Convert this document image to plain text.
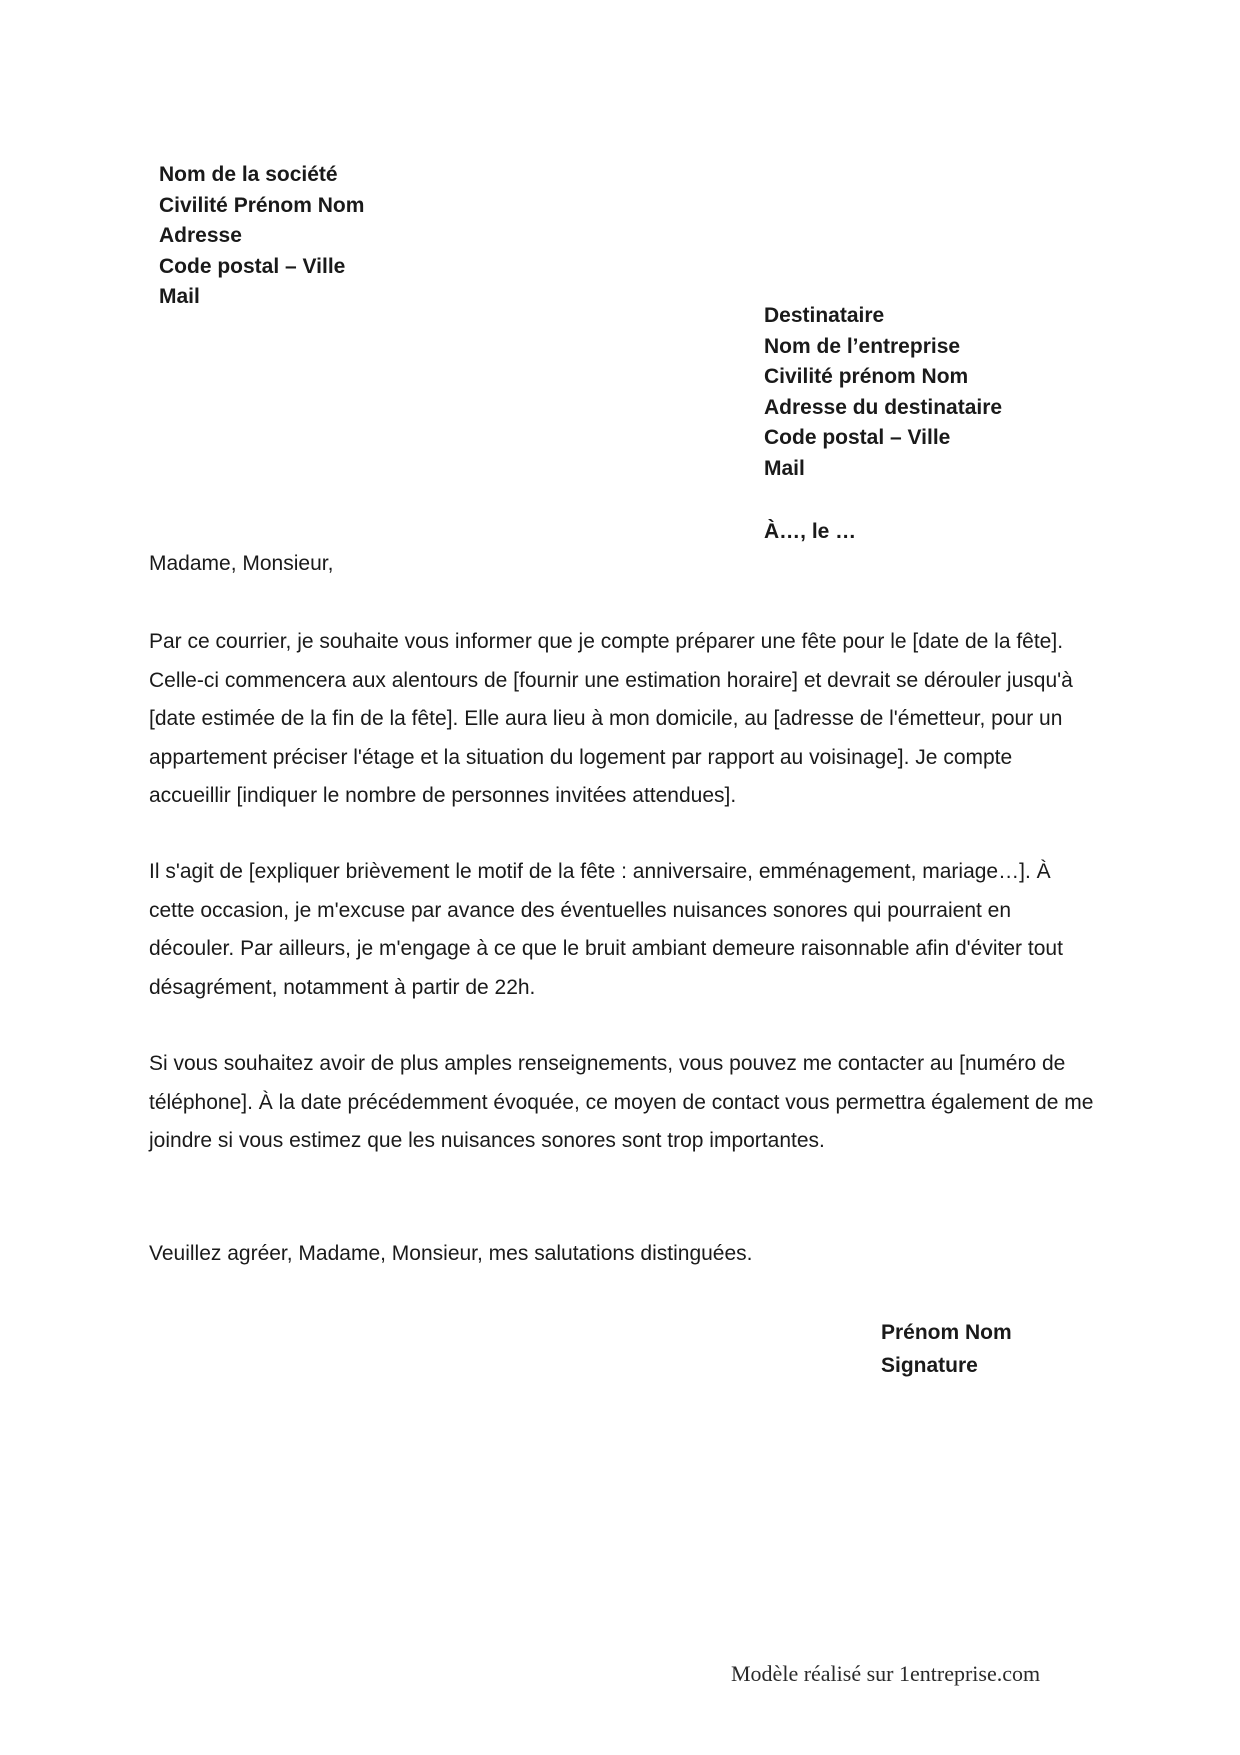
Nom de la société
Civilité Prénom Nom
Adresse
Code postal – Ville
Mail
Destinataire
Nom de l’entreprise
Civilité prénom Nom
Adresse du destinataire
Code postal – Ville
Mail
À…, le …
Madame, Monsieur,

Par ce courrier, je souhaite vous informer que je compte préparer une fête pour le [date de la fête]. Celle-ci commencera aux alentours de [fournir une estimation horaire] et devrait se dérouler jusqu'à [date estimée de la fin de la fête]. Elle aura lieu à mon domicile, au [adresse de l'émetteur, pour un appartement préciser l'étage et la situation du logement par rapport au voisinage]. Je compte accueillir [indiquer le nombre de personnes invitées attendues].

Il s'agit de [expliquer brièvement le motif de la fête : anniversaire, emménagement, mariage…]. À cette occasion, je m'excuse par avance des éventuelles nuisances sonores qui pourraient en découler. Par ailleurs, je m'engage à ce que le bruit ambiant demeure raisonnable afin d'éviter tout désagrément, notamment à partir de 22h.

Si vous souhaitez avoir de plus amples renseignements, vous pouvez me contacter au [numéro de téléphone]. À la date précédemment évoquée, ce moyen de contact vous permettra également de me joindre si vous estimez que les nuisances sonores sont trop importantes.

Veuillez agréer, Madame, Monsieur, mes salutations distinguées.
Prénom Nom
Signature
Modèle réalisé sur 1entreprise.com
